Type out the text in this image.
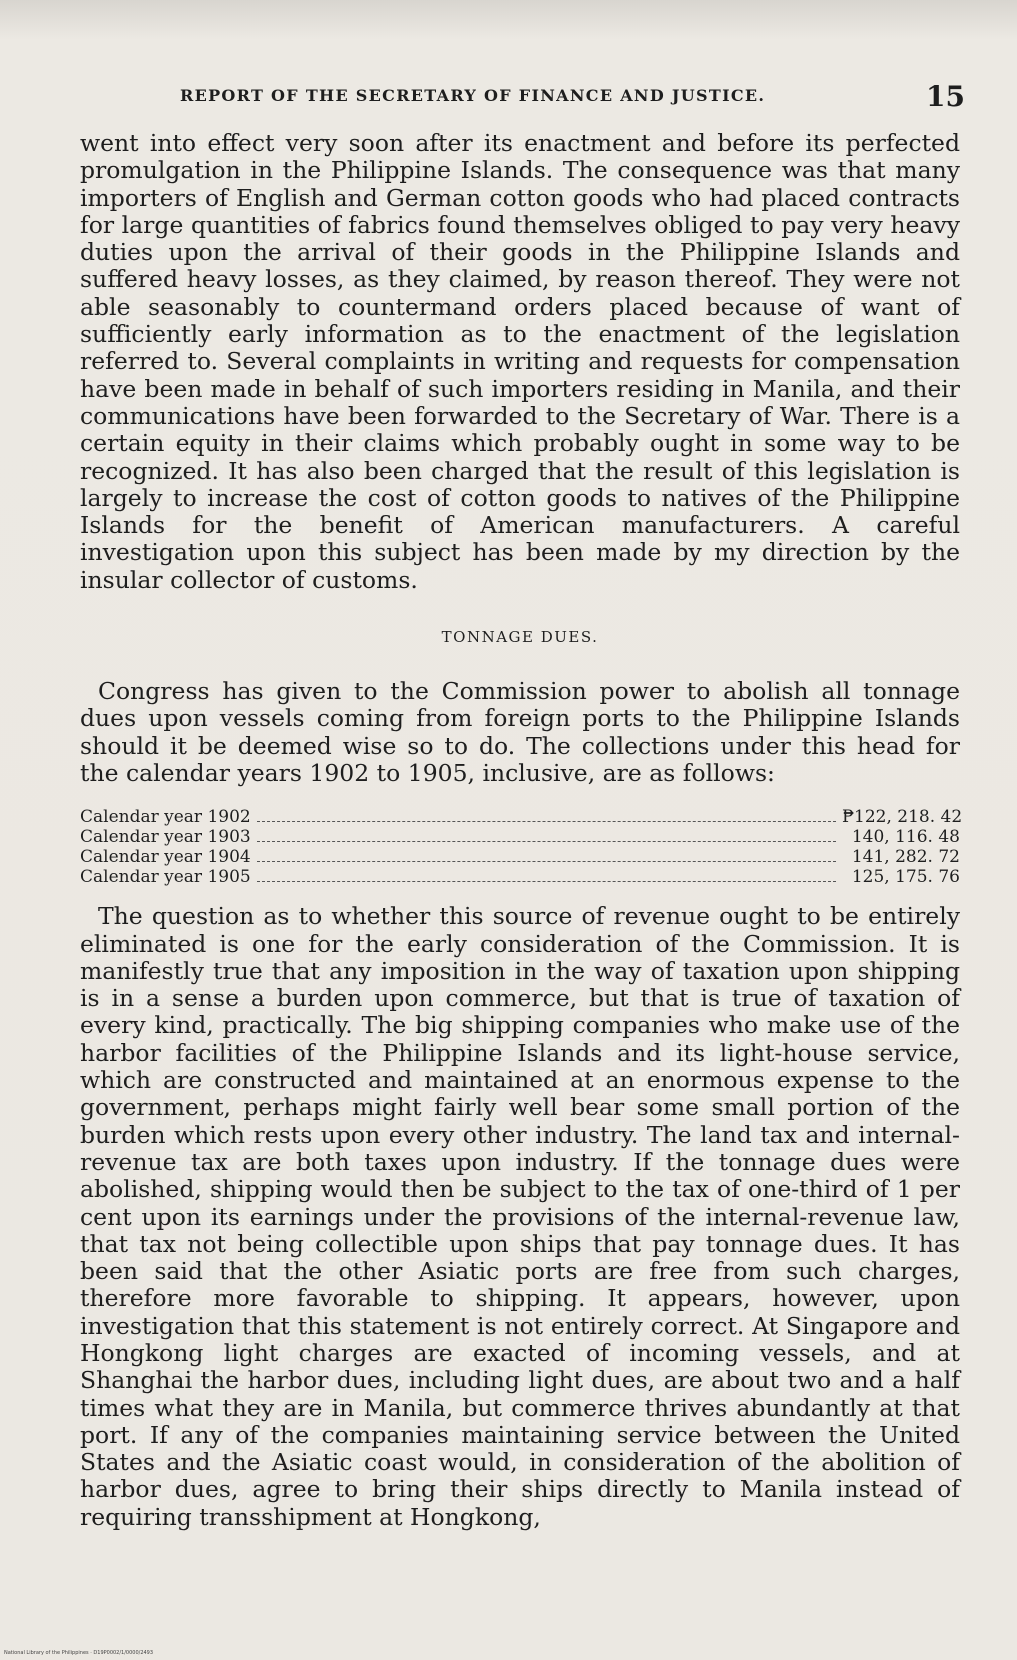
REPORT OF THE SECRETARY OF FINANCE AND JUSTICE.	15

went into effect very soon after its enactment and before its perfected promulgation in the Philippine Islands. The consequence was that many importers of English and German cotton goods who had placed contracts for large quantities of fabrics found themselves obliged to pay very heavy duties upon the arrival of their goods in the Philippine Islands and suffered heavy losses, as they claimed, by reason thereof. They were not able seasonably to countermand orders placed because of want of sufficiently early information as to the enactment of the legislation referred to. Several complaints in writing and requests for compensation have been made in behalf of such importers residing in Manila, and their communications have been forwarded to the Secretary of War. There is a certain equity in their claims which probably ought in some way to be recognized. It has also been charged that the result of this legislation is largely to increase the cost of cotton goods to natives of the Philippine Islands for the benefit of American manufacturers. A careful investigation upon this subject has been made by my direction by the insular collector of customs.

TONNAGE DUES.

Congress has given to the Commission power to abolish all tonnage dues upon vessels coming from foreign ports to the Philippine Islands should it be deemed wise so to do. The collections under this head for the calendar years 1902 to 1905, inclusive, are as follows:

Calendar year 1902	₱122, 218. 42
Calendar year 1903	140, 116. 48
Calendar year 1904	141, 282. 72
Calendar year 1905	125, 175. 76

The question as to whether this source of revenue ought to be entirely eliminated is one for the early consideration of the Commission. It is manifestly true that any imposition in the way of taxation upon shipping is in a sense a burden upon commerce, but that is true of taxation of every kind, practically. The big shipping companies who make use of the harbor facilities of the Philippine Islands and its light-house service, which are constructed and maintained at an enormous expense to the government, perhaps might fairly well bear some small portion of the burden which rests upon every other industry. The land tax and internal-revenue tax are both taxes upon industry. If the tonnage dues were abolished, shipping would then be subject to the tax of one-third of 1 per cent upon its earnings under the provisions of the internal-revenue law, that tax not being collectible upon ships that pay tonnage dues. It has been said that the other Asiatic ports are free from such charges, therefore more favorable to shipping. It appears, however, upon investigation that this statement is not entirely correct. At Singapore and Hongkong light charges are exacted of incoming vessels, and at Shanghai the harbor dues, including light dues, are about two and a half times what they are in Manila, but commerce thrives abundantly at that port. If any of the companies maintaining service between the United States and the Asiatic coast would, in consideration of the abolition of harbor dues, agree to bring their ships directly to Manila instead of requiring transshipment at Hongkong,

National Library of the Philippines · D19P0002/1/0000/2493
